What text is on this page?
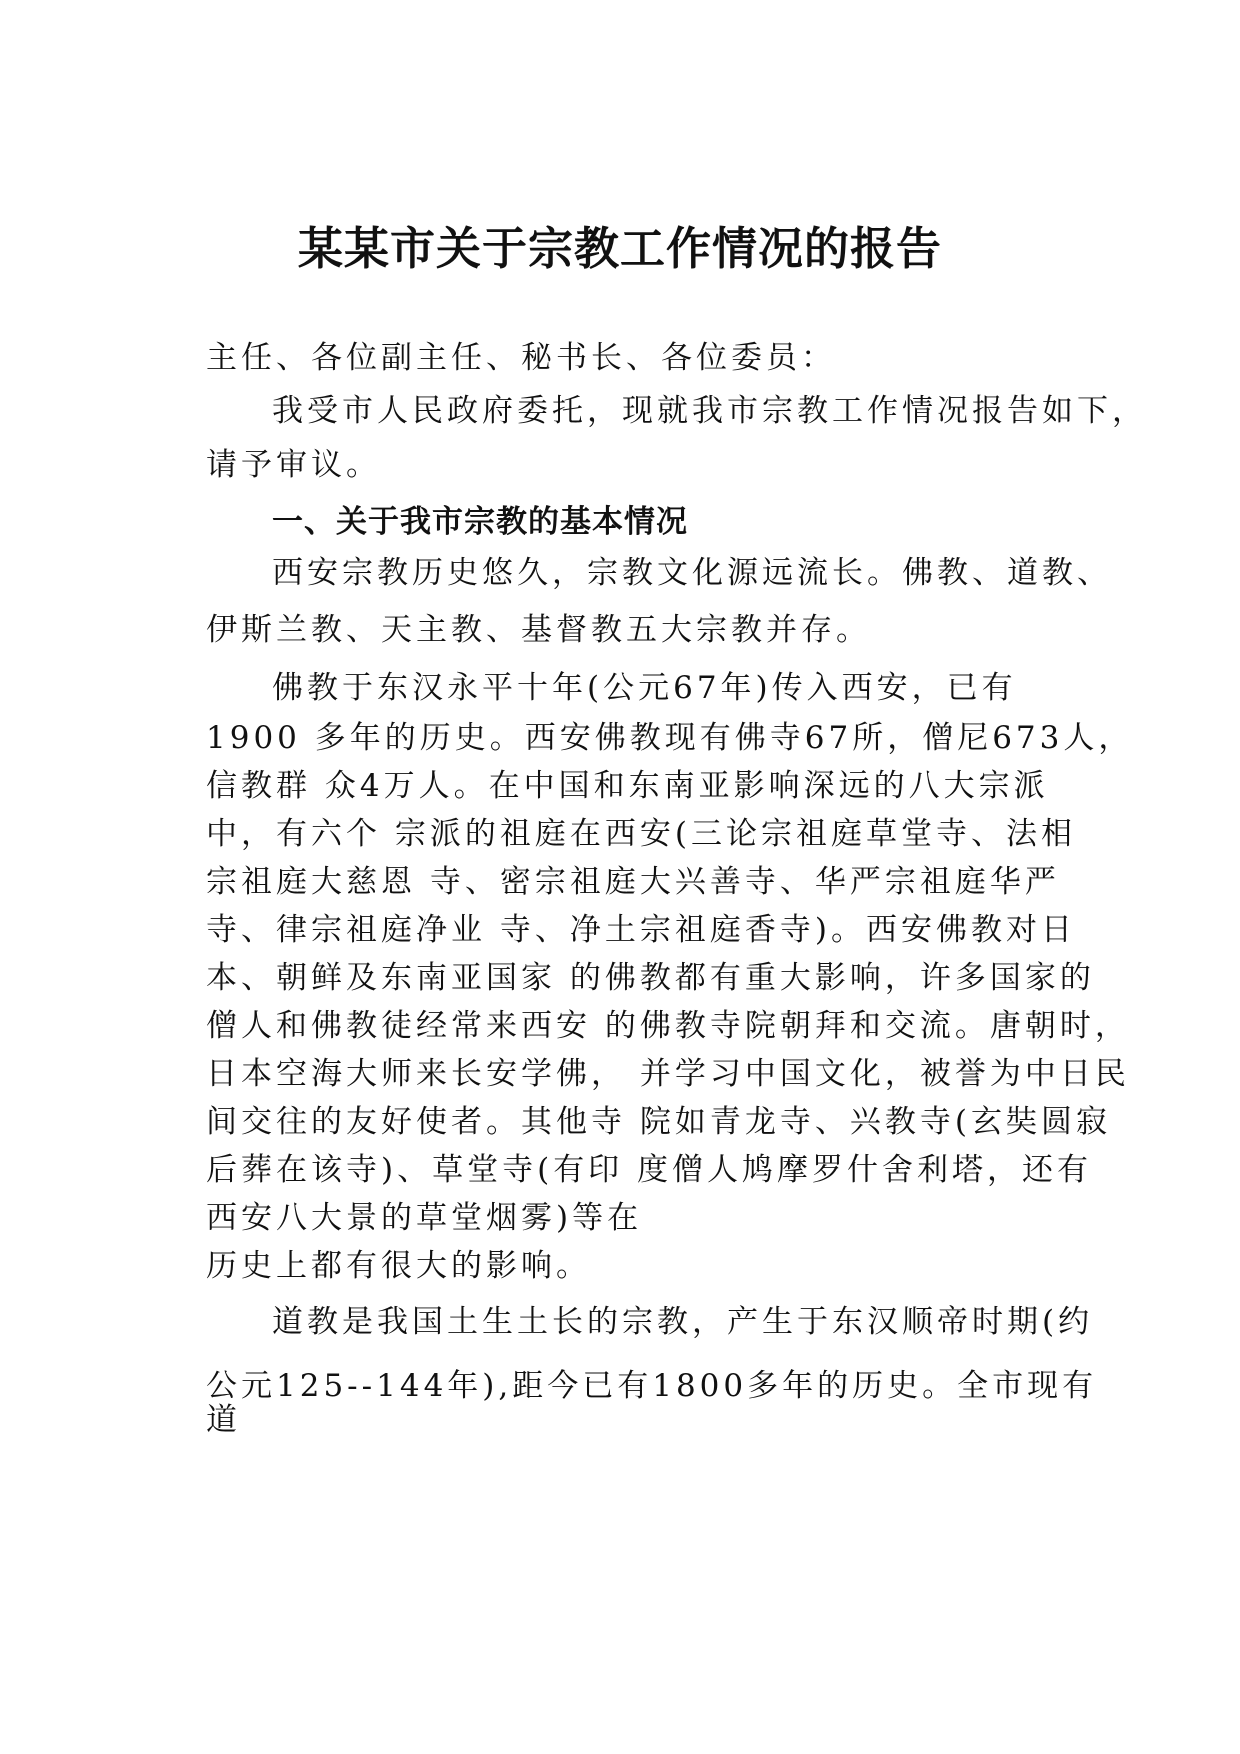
某某市关于宗教工作情况的报告
主任、各位副主任、秘书长、各位委员：
我受市人民政府委托，现就我市宗教工作情况报告如下，
请予审议。
一、关于我市宗教的基本情况
西安宗教历史悠久，宗教文化源远流长。佛教、道教、
伊斯兰教、天主教、基督教五大宗教并存。
佛教于东汉永平十年(公元67年)传入西安，已有
1900 多年的历史。西安佛教现有佛寺67所，僧尼673人，
信教群 众4万人。在中国和东南亚影响深远的八大宗派
中，有六个 宗派的祖庭在西安(三论宗祖庭草堂寺、法相
宗祖庭大慈恩 寺、密宗祖庭大兴善寺、华严宗祖庭华严
寺、律宗祖庭净业 寺、净土宗祖庭香寺)。西安佛教对日
本、朝鲜及东南亚国家 的佛教都有重大影响，许多国家的
僧人和佛教徒经常来西安 的佛教寺院朝拜和交流。唐朝时，
日本空海大师来长安学佛， 并学习中国文化，被誉为中日民
间交往的友好使者。其他寺 院如青龙寺、兴教寺(玄奘圆寂
后葬在该寺)、草堂寺(有印 度僧人鸠摩罗什舍利塔，还有
西安八大景的草堂烟雾)等在
历史上都有很大的影响。
道教是我国土生土长的宗教，产生于东汉顺帝时期(约
公元125--144年),距今已有1800多年的历史。全市现有
道
